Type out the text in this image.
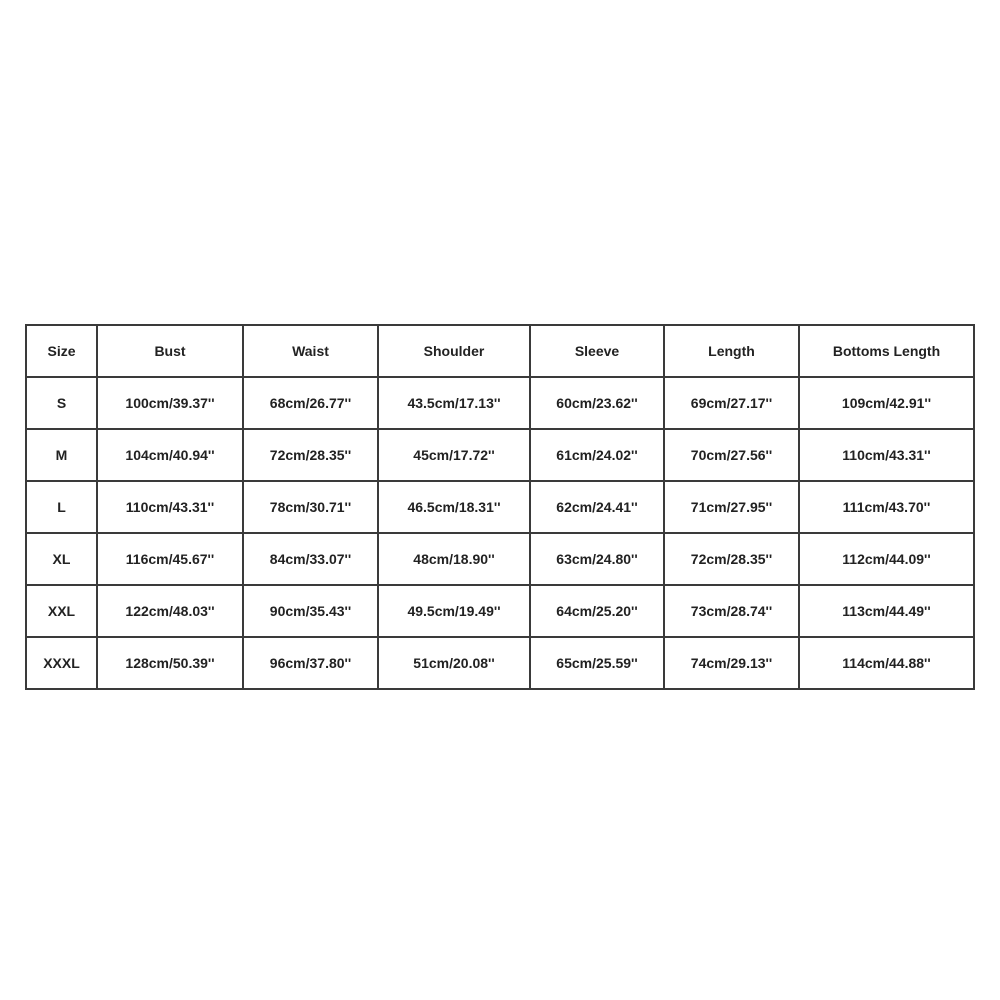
Size	Bust	Waist	Shoulder	Sleeve	Length	Bottoms Length
S	100cm/39.37''	68cm/26.77''	43.5cm/17.13''	60cm/23.62''	69cm/27.17''	109cm/42.91''
M	104cm/40.94''	72cm/28.35''	45cm/17.72''	61cm/24.02''	70cm/27.56''	110cm/43.31''
L	110cm/43.31''	78cm/30.71''	46.5cm/18.31''	62cm/24.41''	71cm/27.95''	111cm/43.70''
XL	116cm/45.67''	84cm/33.07''	48cm/18.90''	63cm/24.80''	72cm/28.35''	112cm/44.09''
XXL	122cm/48.03''	90cm/35.43''	49.5cm/19.49''	64cm/25.20''	73cm/28.74''	113cm/44.49''
XXXL	128cm/50.39''	96cm/37.80''	51cm/20.08''	65cm/25.59''	74cm/29.13''	114cm/44.88''
